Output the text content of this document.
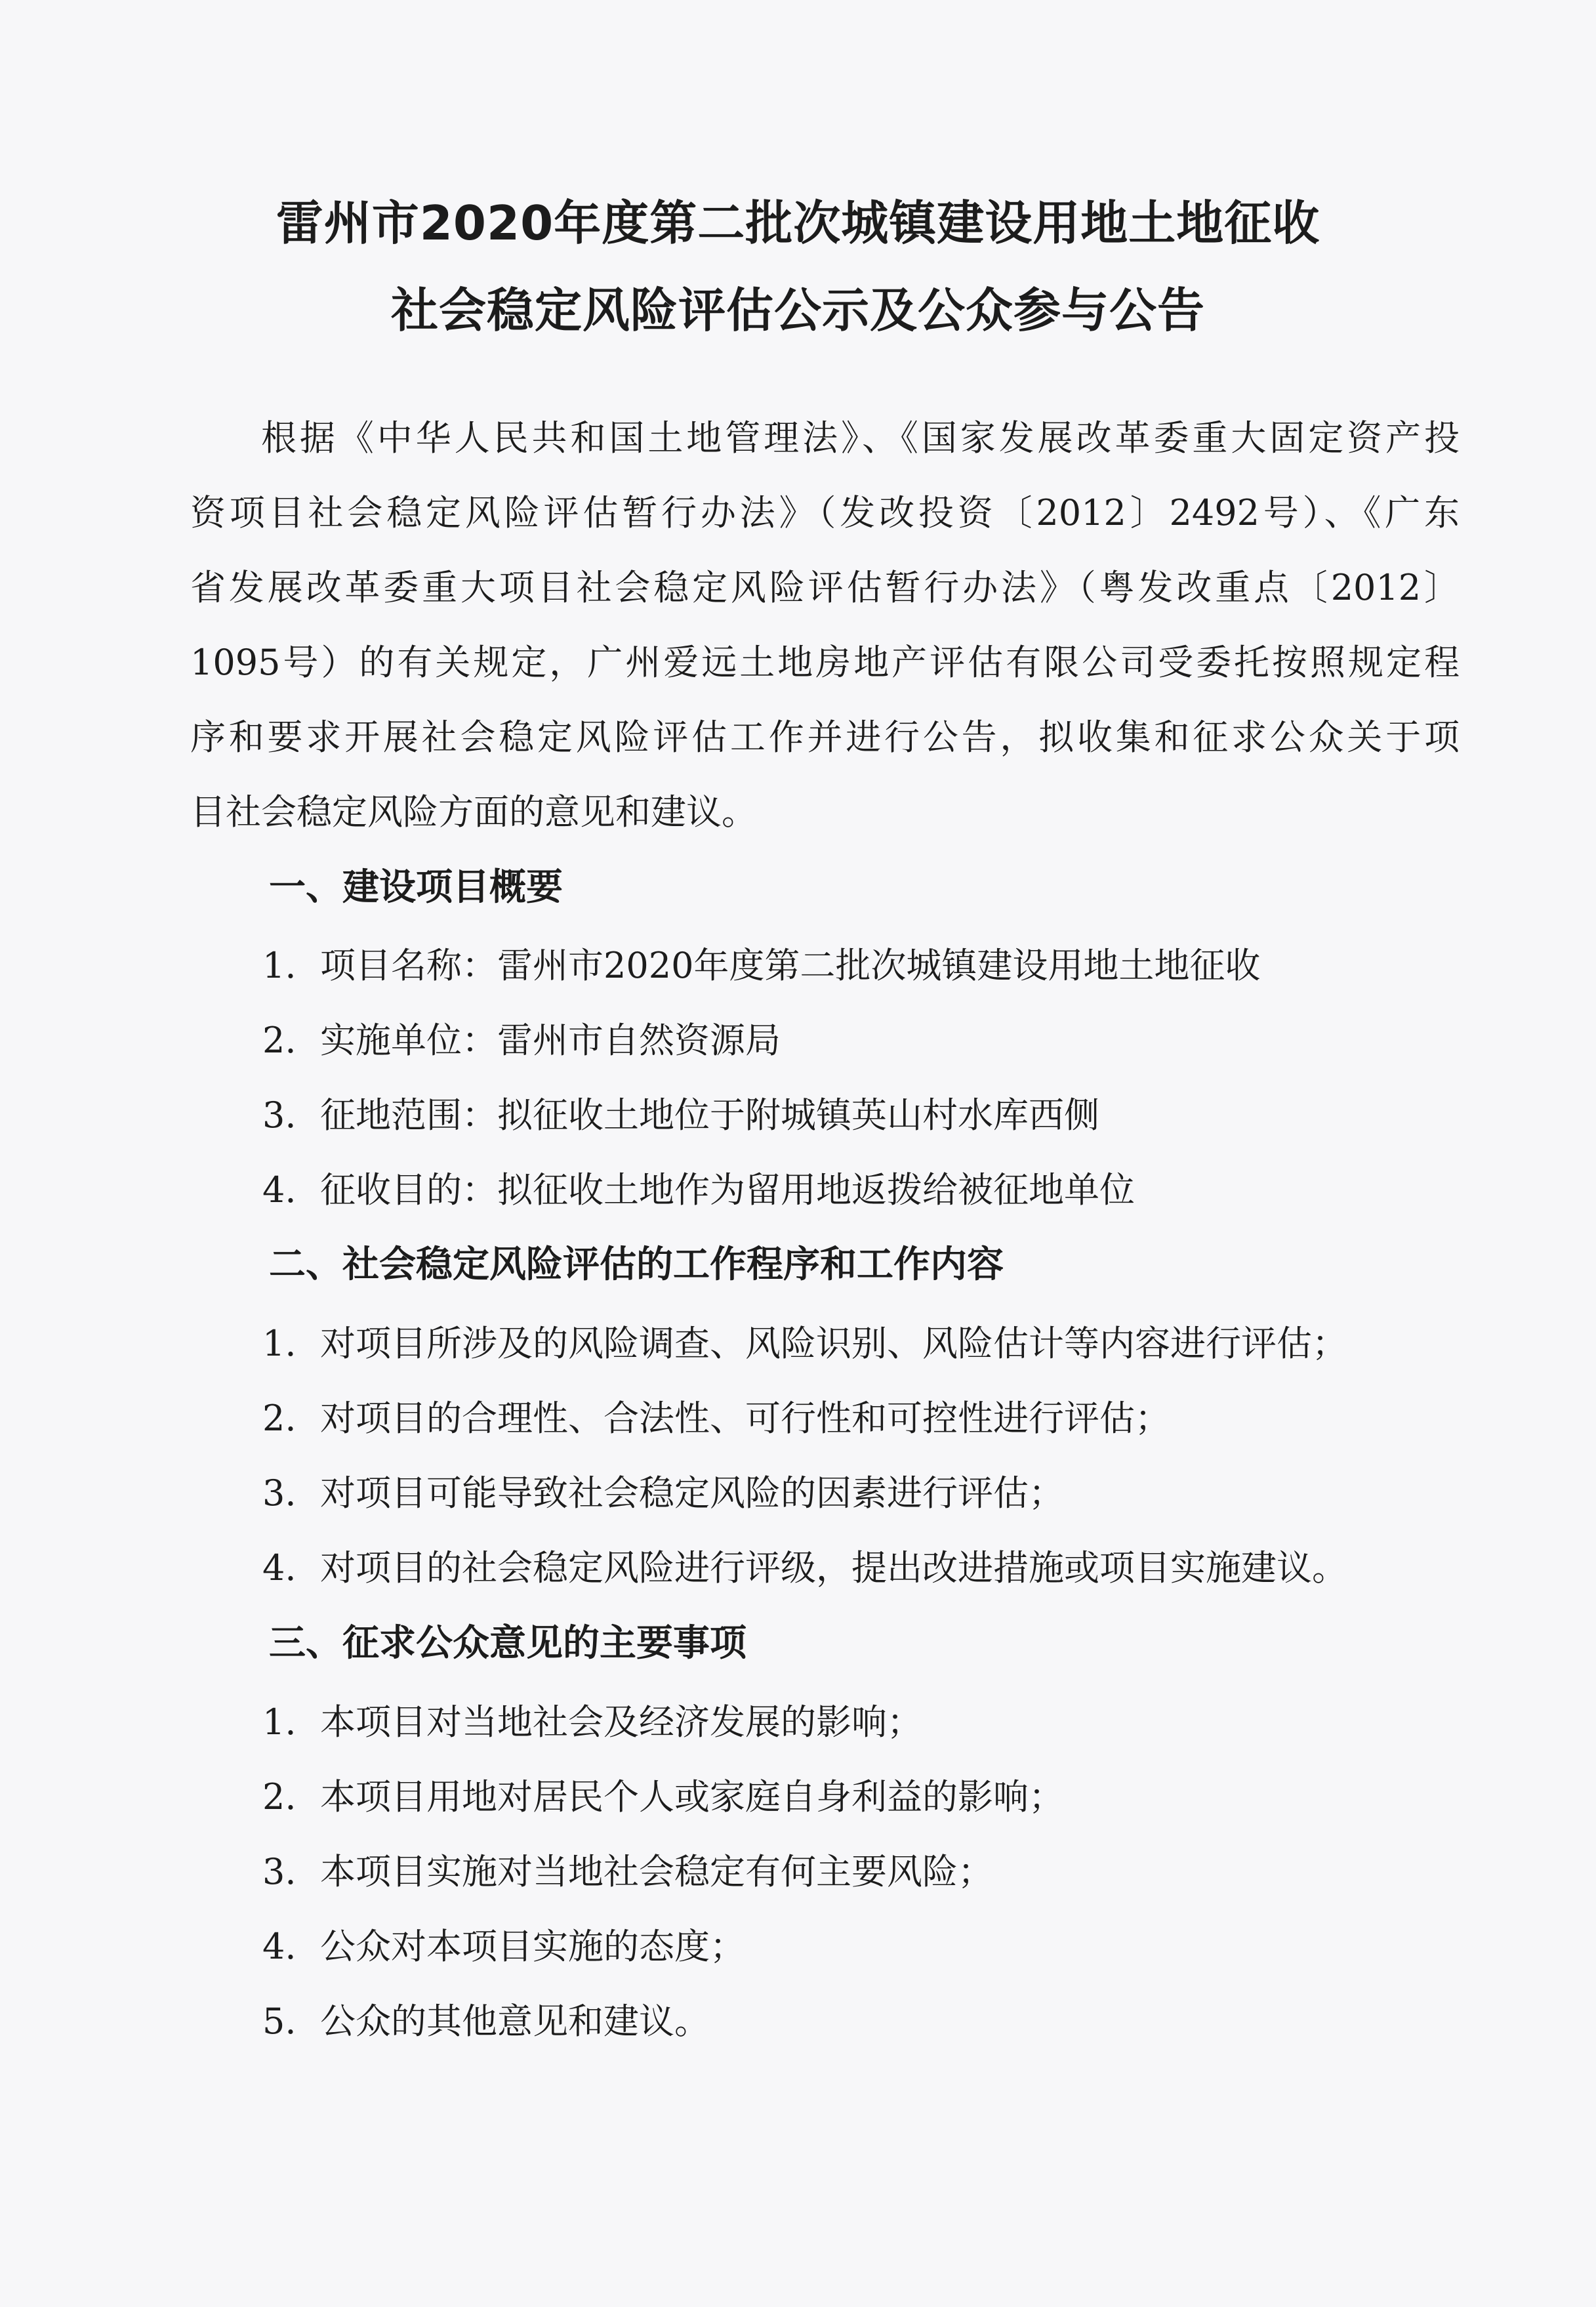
雷州市2020年度第二批次城镇建设用地土地征收
社会稳定风险评估公示及公众参与公告
根据《中华人民共和国土地管理法》、《国家发展改革委重大固定资产投
资项目社会稳定风险评估暂行办法》（发改投资〔2012〕2492号）、《广东
省发展改革委重大项目社会稳定风险评估暂行办法》（粤发改重点〔2012〕
1095号）的有关规定，广州爱远土地房地产评估有限公司受委托按照规定程
序和要求开展社会稳定风险评估工作并进行公告，拟收集和征求公众关于项
目社会稳定风险方面的意见和建议。
一、建设项目概要
1. 项目名称：雷州市2020年度第二批次城镇建设用地土地征收
2. 实施单位：雷州市自然资源局
3. 征地范围：拟征收土地位于附城镇英山村水库西侧
4. 征收目的：拟征收土地作为留用地返拨给被征地单位
二、社会稳定风险评估的工作程序和工作内容
1. 对项目所涉及的风险调查、风险识别、风险估计等内容进行评估；
2. 对项目的合理性、合法性、可行性和可控性进行评估；
3. 对项目可能导致社会稳定风险的因素进行评估；
4. 对项目的社会稳定风险进行评级，提出改进措施或项目实施建议。
三、征求公众意见的主要事项
1. 本项目对当地社会及经济发展的影响；
2. 本项目用地对居民个人或家庭自身利益的影响；
3. 本项目实施对当地社会稳定有何主要风险；
4. 公众对本项目实施的态度；
5. 公众的其他意见和建议。
